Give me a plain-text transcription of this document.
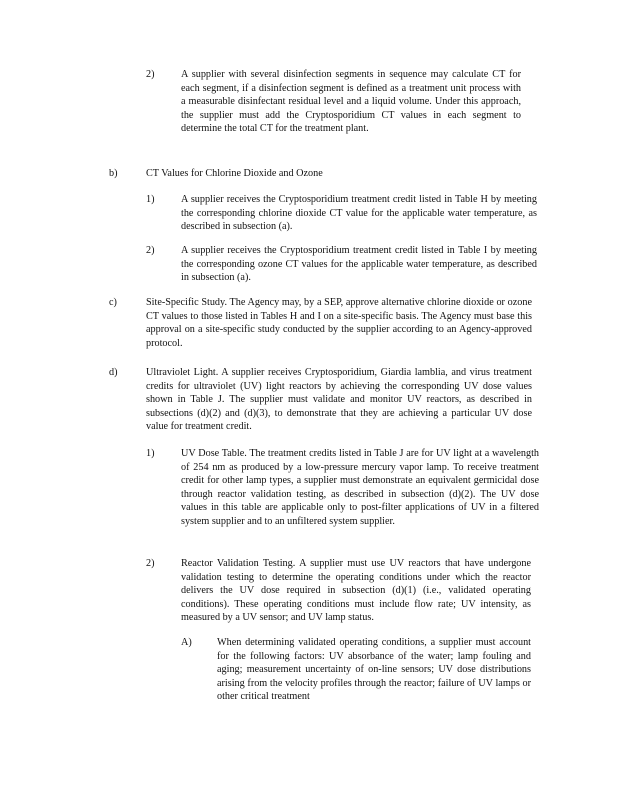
2)	A supplier with several disinfection segments in sequence may calculate CT for each segment, if a disinfection segment is defined as a treatment unit process with a measurable disinfectant residual level and a liquid volume. Under this approach, the supplier must add the Cryptosporidium CT values in each segment to determine the total CT for the treatment plant.
b)	CT Values for Chlorine Dioxide and Ozone
1)	A supplier receives the Cryptosporidium treatment credit listed in Table H by meeting the corresponding chlorine dioxide CT value for the applicable water temperature, as described in subsection (a).
2)	A supplier receives the Cryptosporidium treatment credit listed in Table I by meeting the corresponding ozone CT values for the applicable water temperature, as described in subsection (a).
c)	Site-Specific Study. The Agency may, by a SEP, approve alternative chlorine dioxide or ozone CT values to those listed in Tables H and I on a site-specific basis. The Agency must base this approval on a site-specific study conducted by the supplier according to an Agency-approved protocol.
d)	Ultraviolet Light. A supplier receives Cryptosporidium, Giardia lamblia, and virus treatment credits for ultraviolet (UV) light reactors by achieving the corresponding UV dose values shown in Table J. The supplier must validate and monitor UV reactors, as described in subsections (d)(2) and (d)(3), to demonstrate that they are achieving a particular UV dose value for treatment credit.
1)	UV Dose Table. The treatment credits listed in Table J are for UV light at a wavelength of 254 nm as produced by a low-pressure mercury vapor lamp. To receive treatment credit for other lamp types, a supplier must demonstrate an equivalent germicidal dose through reactor validation testing, as described in subsection (d)(2). The UV dose values in this table are applicable only to post-filter applications of UV in a filtered system supplier and to an unfiltered system supplier.
2)	Reactor Validation Testing. A supplier must use UV reactors that have undergone validation testing to determine the operating conditions under which the reactor delivers the UV dose required in subsection (d)(1) (i.e., validated operating conditions). These operating conditions must include flow rate; UV intensity, as measured by a UV sensor; and UV lamp status.
A) When determining validated operating conditions, a supplier must account for the following factors: UV absorbance of the water; lamp fouling and aging; measurement uncertainty of on-line sensors; UV dose distributions arising from the velocity profiles through the reactor; failure of UV lamps or other critical treatment
